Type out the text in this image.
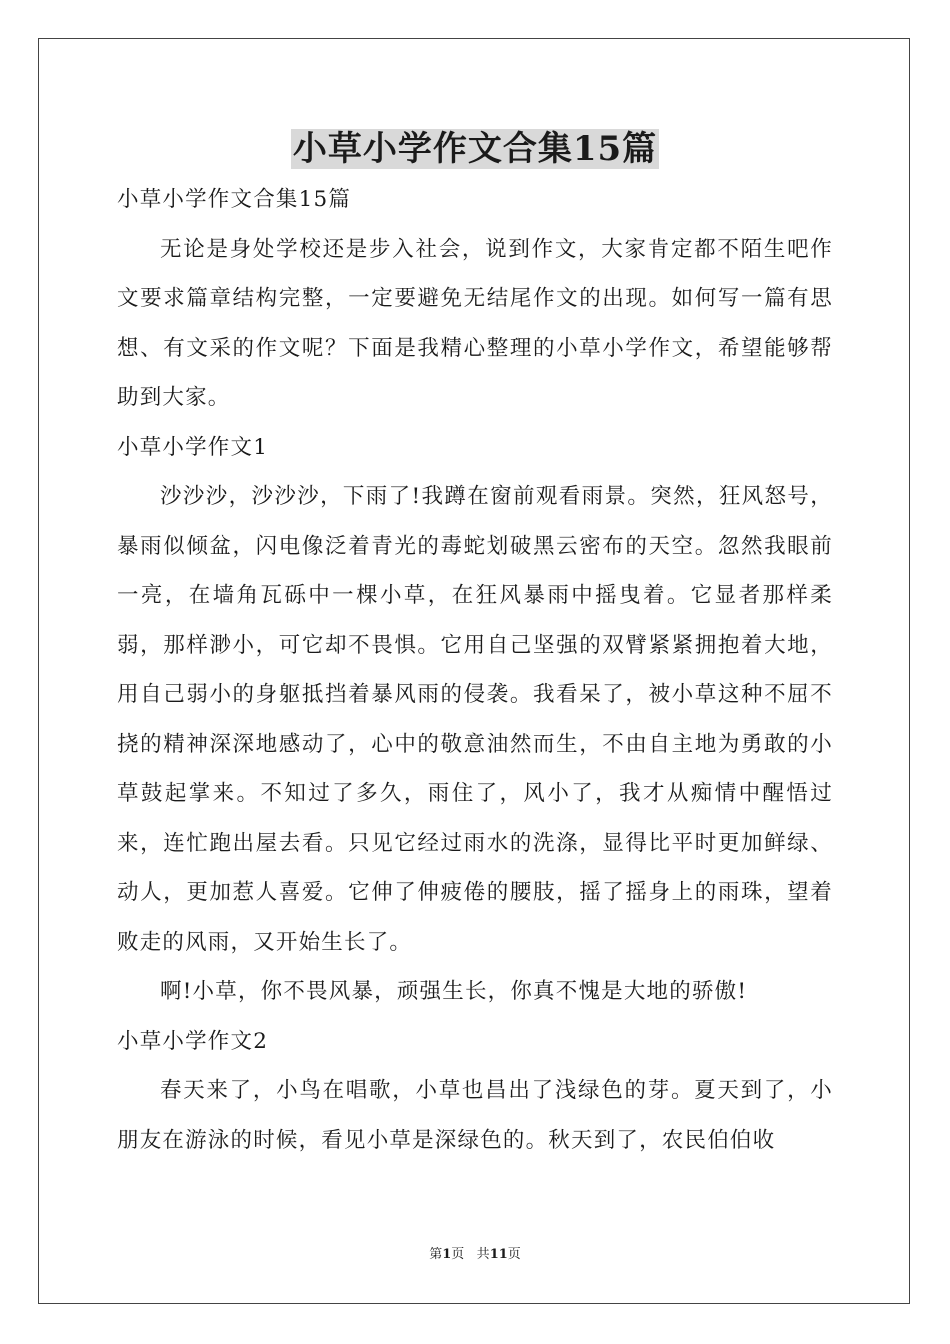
小草小学作文合集15篇

小草小学作文合集15篇

无论是身处学校还是步入社会，说到作文，大家肯定都不陌生吧作文要求篇章结构完整，一定要避免无结尾作文的出现。如何写一篇有思想、有文采的作文呢？下面是我精心整理的小草小学作文，希望能够帮助到大家。

小草小学作文1

沙沙沙，沙沙沙，下雨了!我蹲在窗前观看雨景。突然，狂风怒号，暴雨似倾盆，闪电像泛着青光的毒蛇划破黑云密布的天空。忽然我眼前一亮，在墙角瓦砾中一棵小草，在狂风暴雨中摇曳着。它显者那样柔弱，那样渺小，可它却不畏惧。它用自己坚强的双臂紧紧拥抱着大地，用自己弱小的身躯抵挡着暴风雨的侵袭。我看呆了，被小草这种不屈不挠的精神深深地感动了，心中的敬意油然而生，不由自主地为勇敢的小草鼓起掌来。不知过了多久，雨住了，风小了，我才从痴情中醒悟过来，连忙跑出屋去看。只见它经过雨水的洗涤，显得比平时更加鲜绿、动人，更加惹人喜爱。它伸了伸疲倦的腰肢，摇了摇身上的雨珠，望着败走的风雨，又开始生长了。

啊!小草，你不畏风暴，顽强生长，你真不愧是大地的骄傲!

小草小学作文2

春天来了，小鸟在唱歌，小草也昌出了浅绿色的芽。夏天到了，小朋友在游泳的时候，看见小草是深绿色的。秋天到了，农民伯伯收

第1页 共11页
